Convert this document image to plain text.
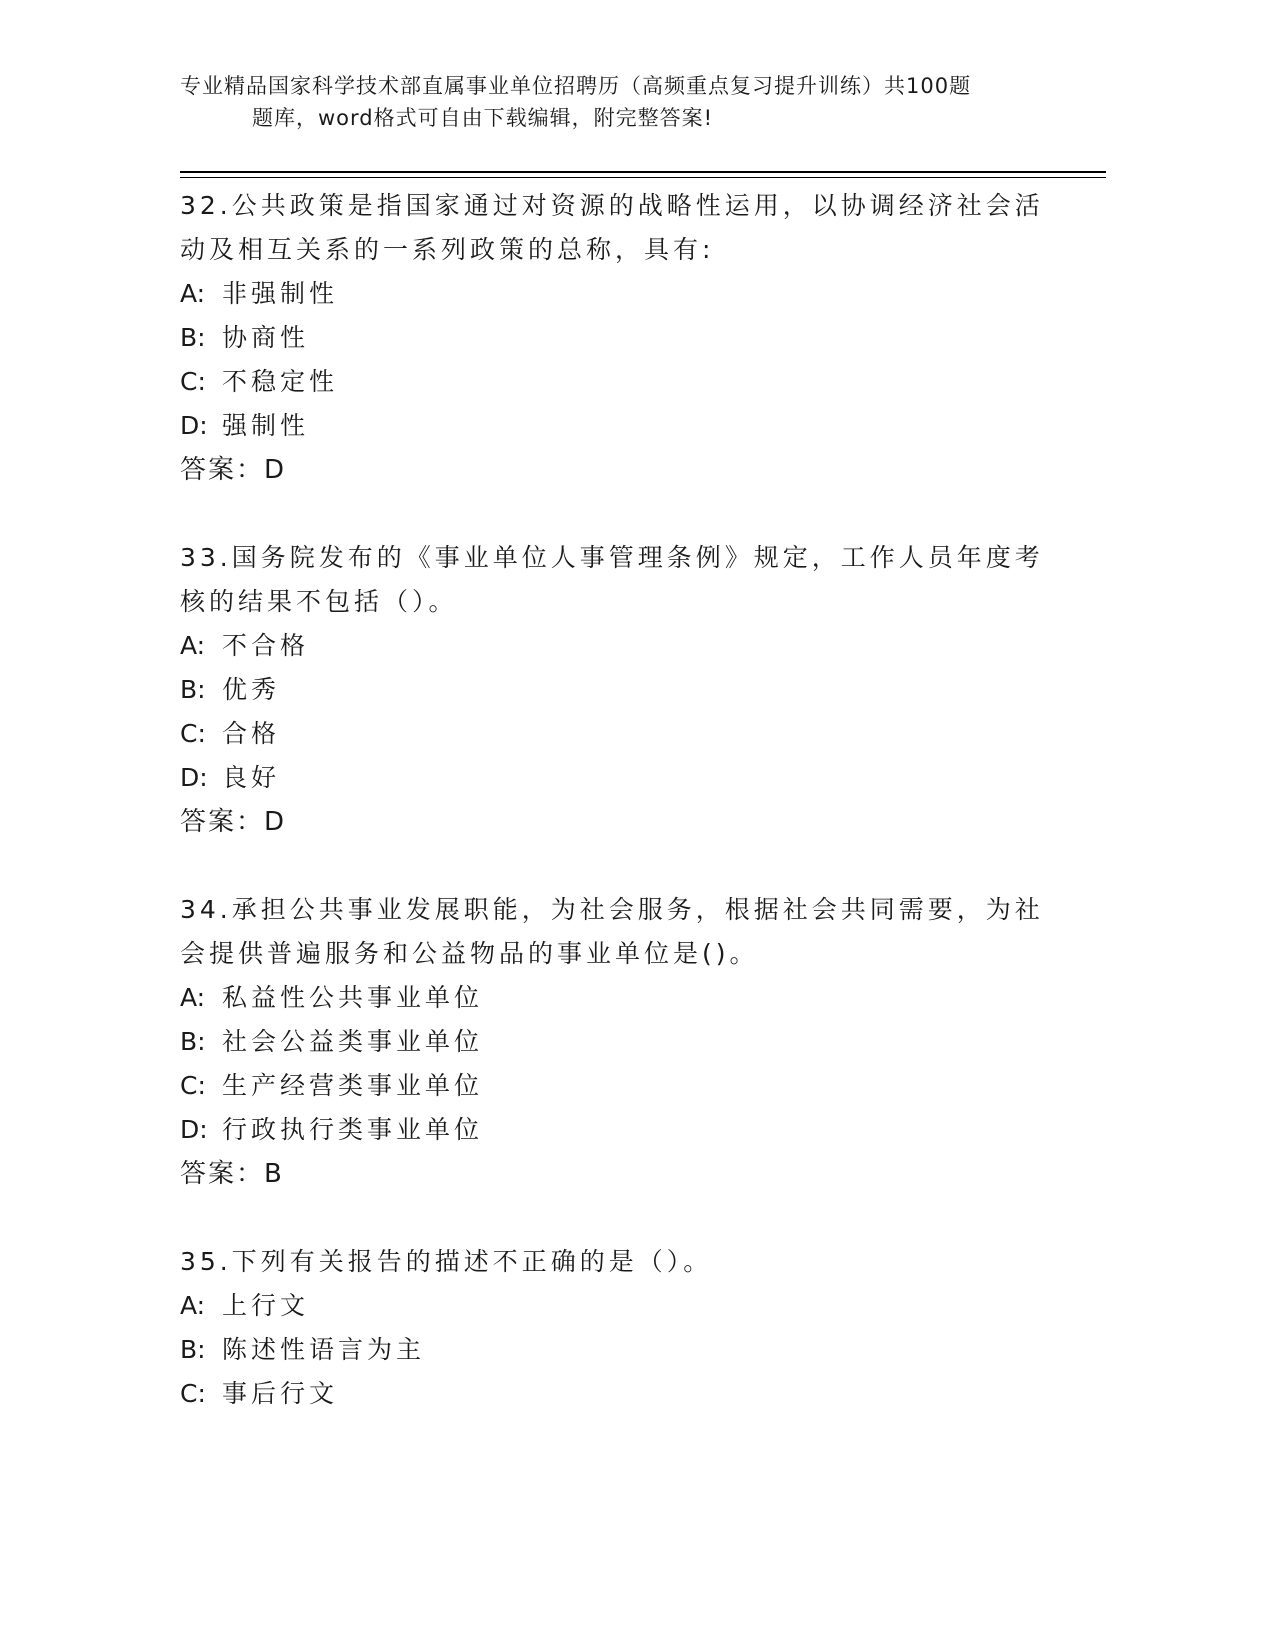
专业精品国家科学技术部直属事业单位招聘历（高频重点复习提升训练）共100题
题库，word格式可自由下载编辑，附完整答案!

32.公共政策是指国家通过对资源的战略性运用，以协调经济社会活动及相互关系的一系列政策的总称，具有:

A: 非强制性

B: 协商性

C: 不稳定性

D: 强制性

答案：D

33.国务院发布的《事业单位人事管理条例》规定，工作人员年度考核的结果不包括（）。

A: 不合格

B: 优秀

C: 合格

D: 良好

答案：D

34.承担公共事业发展职能，为社会服务，根据社会共同需要，为社会提供普遍服务和公益物品的事业单位是()。

A: 私益性公共事业单位

B: 社会公益类事业单位

C: 生产经营类事业单位

D: 行政执行类事业单位

答案：B

35.下列有关报告的描述不正确的是（）。

A: 上行文

B: 陈述性语言为主

C: 事后行文
